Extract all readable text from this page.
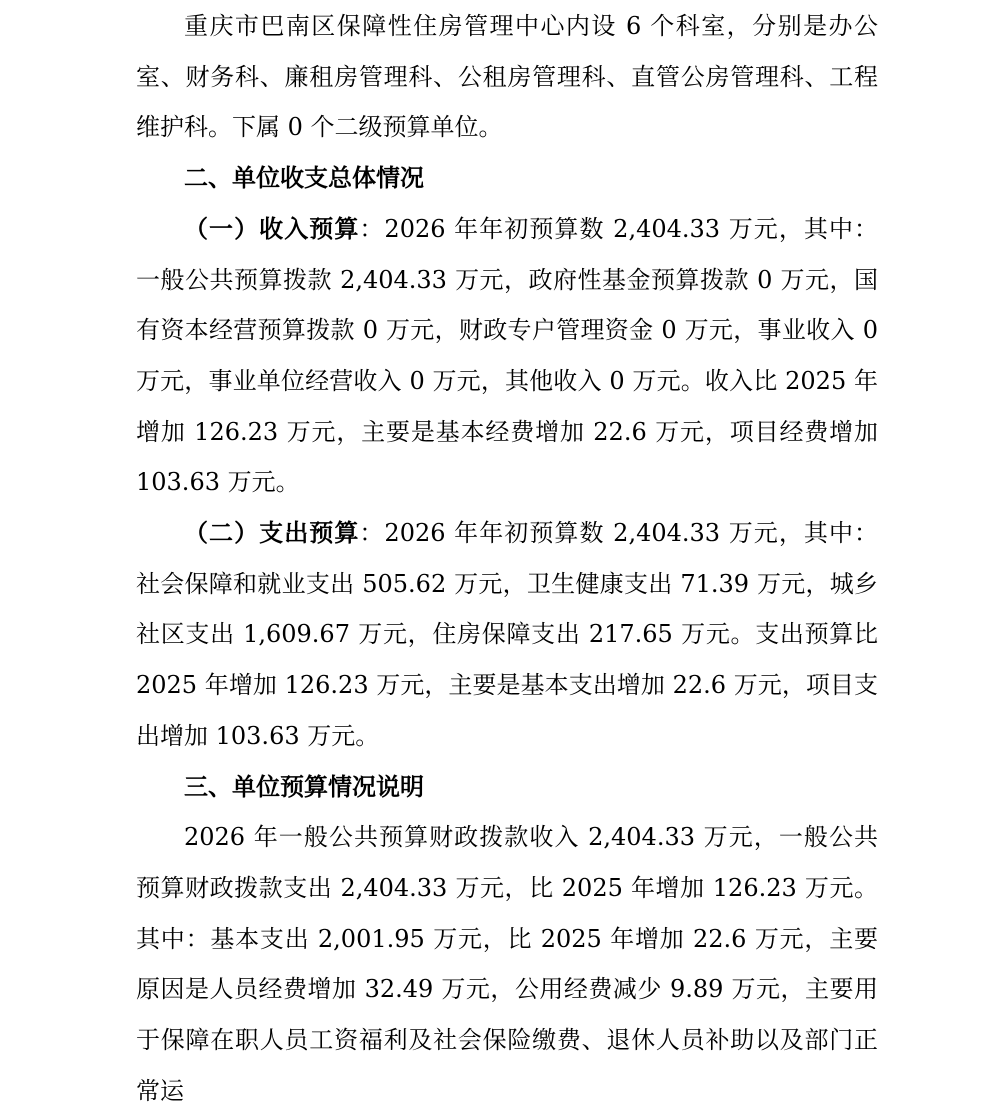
重庆市巴南区保障性住房管理中心内设 6 个科室，分别是办公室、财务科、廉租房管理科、公租房管理科、直管公房管理科、工程维护科。下属 0 个二级预算单位。

二、单位收支总体情况

（一）收入预算：2026 年年初预算数 2,404.33 万元，其中：一般公共预算拨款 2,404.33 万元，政府性基金预算拨款 0 万元，国有资本经营预算拨款 0 万元，财政专户管理资金 0 万元，事业收入 0 万元，事业单位经营收入 0 万元，其他收入 0 万元。收入比 2025 年增加 126.23 万元，主要是基本经费增加 22.6 万元，项目经费增加 103.63 万元。

（二）支出预算：2026 年年初预算数 2,404.33 万元，其中：社会保障和就业支出 505.62 万元，卫生健康支出 71.39 万元，城乡社区支出 1,609.67 万元，住房保障支出 217.65 万元。支出预算比 2025 年增加 126.23 万元，主要是基本支出增加 22.6 万元，项目支出增加 103.63 万元。

三、单位预算情况说明

2026 年一般公共预算财政拨款收入 2,404.33 万元，一般公共预算财政拨款支出 2,404.33 万元，比 2025 年增加 126.23 万元。其中：基本支出 2,001.95 万元，比 2025 年增加 22.6 万元，主要原因是人员经费增加 32.49 万元，公用经费减少 9.89 万元，主要用于保障在职人员工资福利及社会保险缴费、退休人员补助以及部门正常运
